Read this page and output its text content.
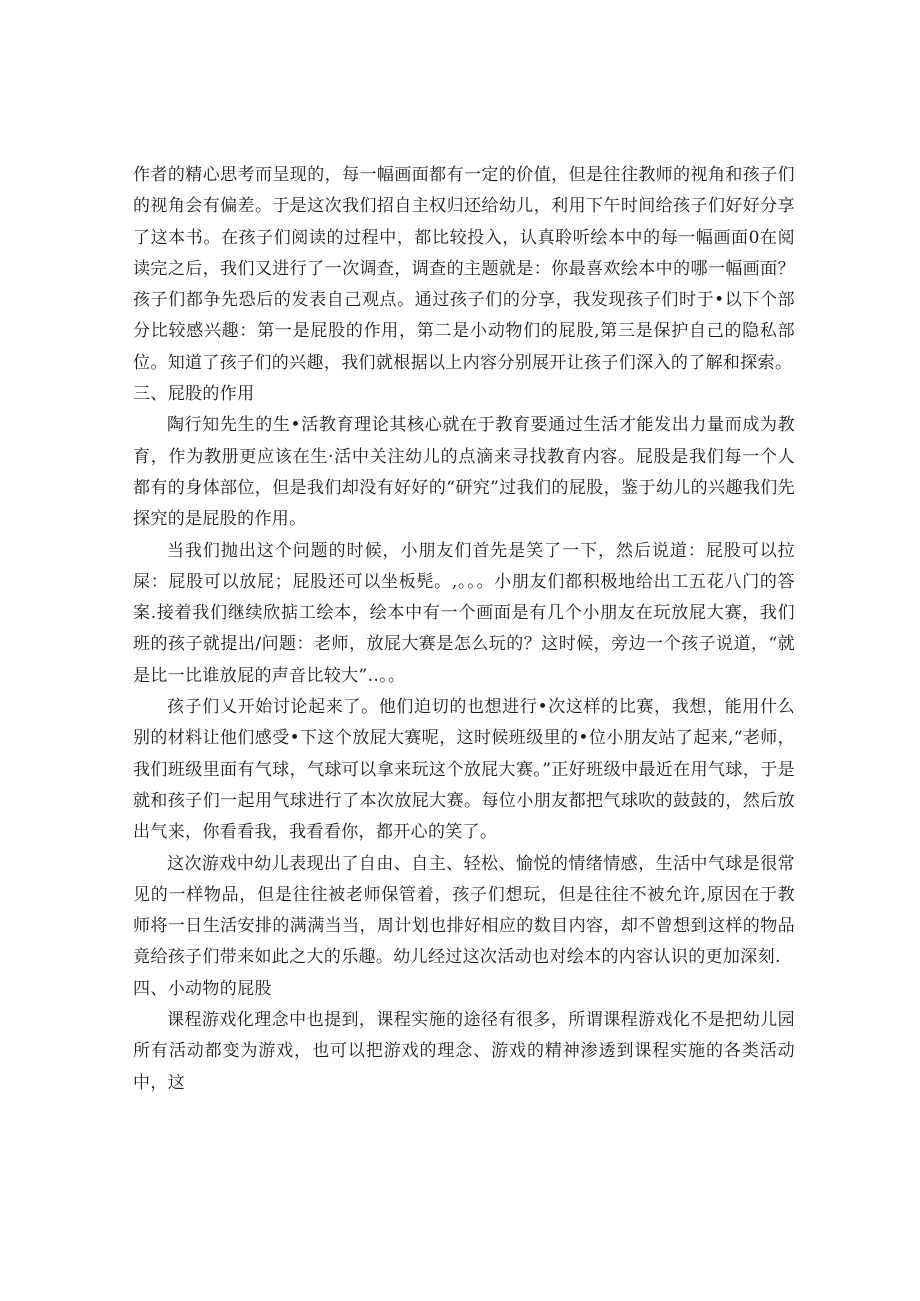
作者的精心思考而呈现的，每一幅画面都有一定的价值，但是往往教师的视角和孩子们的视角会有偏差。于是这次我们招自主权归还给幼儿，利用下午时间给孩子们好好分享了这本书。在孩子们阅读的过程中，都比较投入，认真聆听绘本中的每一幅画面0在阅读完之后，我们又进行了一次调查，调查的主题就是：你最喜欢绘本中的哪一幅画面？孩子们都争先恐后的发表自己观点。通过孩子们的分享，我发现孩子们时于•以下个部分比较感兴趣：第一是屁股的作用，第二是小动物们的屁股,第三是保护自己的隐私部位。知道了孩子们的兴趣，我们就根据以上内容分别展开让孩子们深入的了解和探索。

三、屁股的作用

陶行知先生的生•活教育理论其核心就在于教育要通过生活才能发出力量而成为教育，作为教册更应该在生·活中关注幼儿的点滴来寻找教育内容。屁股是我们每一个人都有的身体部位，但是我们却没有好好的“研究”过我们的屁股，鉴于幼儿的兴趣我们先探究的是屁股的作用。

当我们抛出这个问题的时候，小朋友们首先是笑了一下，然后说道：屁股可以拉屎：屁股可以放屁；屁股还可以坐板髡。,。。。小朋友们都积极地给出工五花八门的答案.接着我们继续欣掂工绘本，绘本中有一个画面是有几个小朋友在玩放屁大赛，我们班的孩子就提出/问题：老师，放屁大赛是怎么玩的？这时候，旁边一个孩子说道，“就是比一比谁放屁的声音比较大”..。。

孩子们乂开始讨论起来了。他们迫切的也想进行•次这样的比赛，我想，能用什么别的材料让他们感受•下这个放屁大赛呢，这时候班级里的•位小朋友站了起来,“老师，我们班级里面有气球，气球可以拿来玩这个放屁大赛。”正好班级中最近在用气球，于是就和孩子们一起用气球进行了本次放屁大赛。每位小朋友都把气球吹的鼓鼓的，然后放出气来，你看看我，我看看你，都开心的笑了。

这次游戏中幼儿表现出了自由、自主、轻松、愉悦的情绪情感，生活中气球是很常见的一样物品，但是往往被老师保管着，孩子们想玩，但是往往不被允许,原因在于教师将一日生活安排的满满当当，周计划也排好相应的数目内容，却不曾想到这样的物品竟给孩子们带来如此之大的乐趣。幼儿经过这次活动也对绘本的内容认识的更加深刻.

四、小动物的屁股

课程游戏化理念中也提到，课程实施的途径有很多，所谓课程游戏化不是把幼儿园所有活动都变为游戏，也可以把游戏的理念、游戏的精神渗透到课程实施的各类活动中，这
